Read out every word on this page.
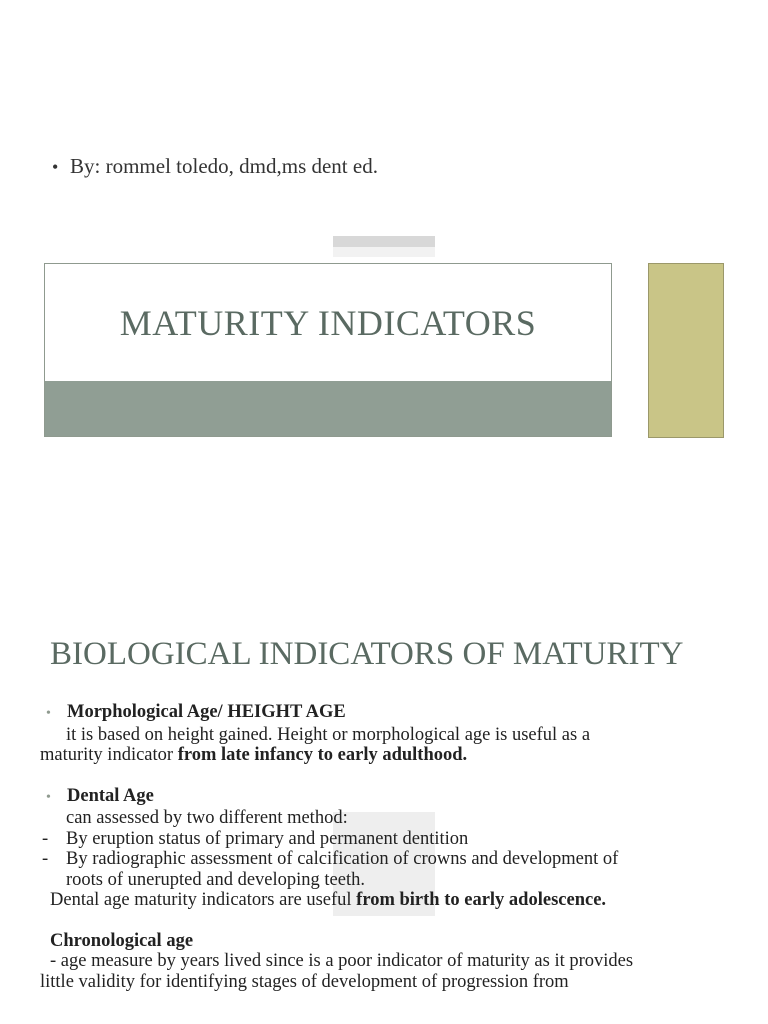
• By: rommel toledo, dmd,ms dent ed.
MATURITY INDICATORS
BIOLOGICAL INDICATORS OF MATURITY
• Morphological Age/ HEIGHT AGE
it is based on height gained. Height or morphological age is useful as a
maturity indicator from late infancy to early adulthood.
• Dental Age
can assessed by two different method:
- By eruption status of primary and permanent dentition
- By radiographic assessment of calcification of crowns and development of
roots of unerupted and developing teeth.
Dental age maturity indicators are useful from birth to early adolescence.
Chronological age
- age measure by years lived since is a poor indicator of maturity as it provides
little validity for identifying stages of development of progression from
